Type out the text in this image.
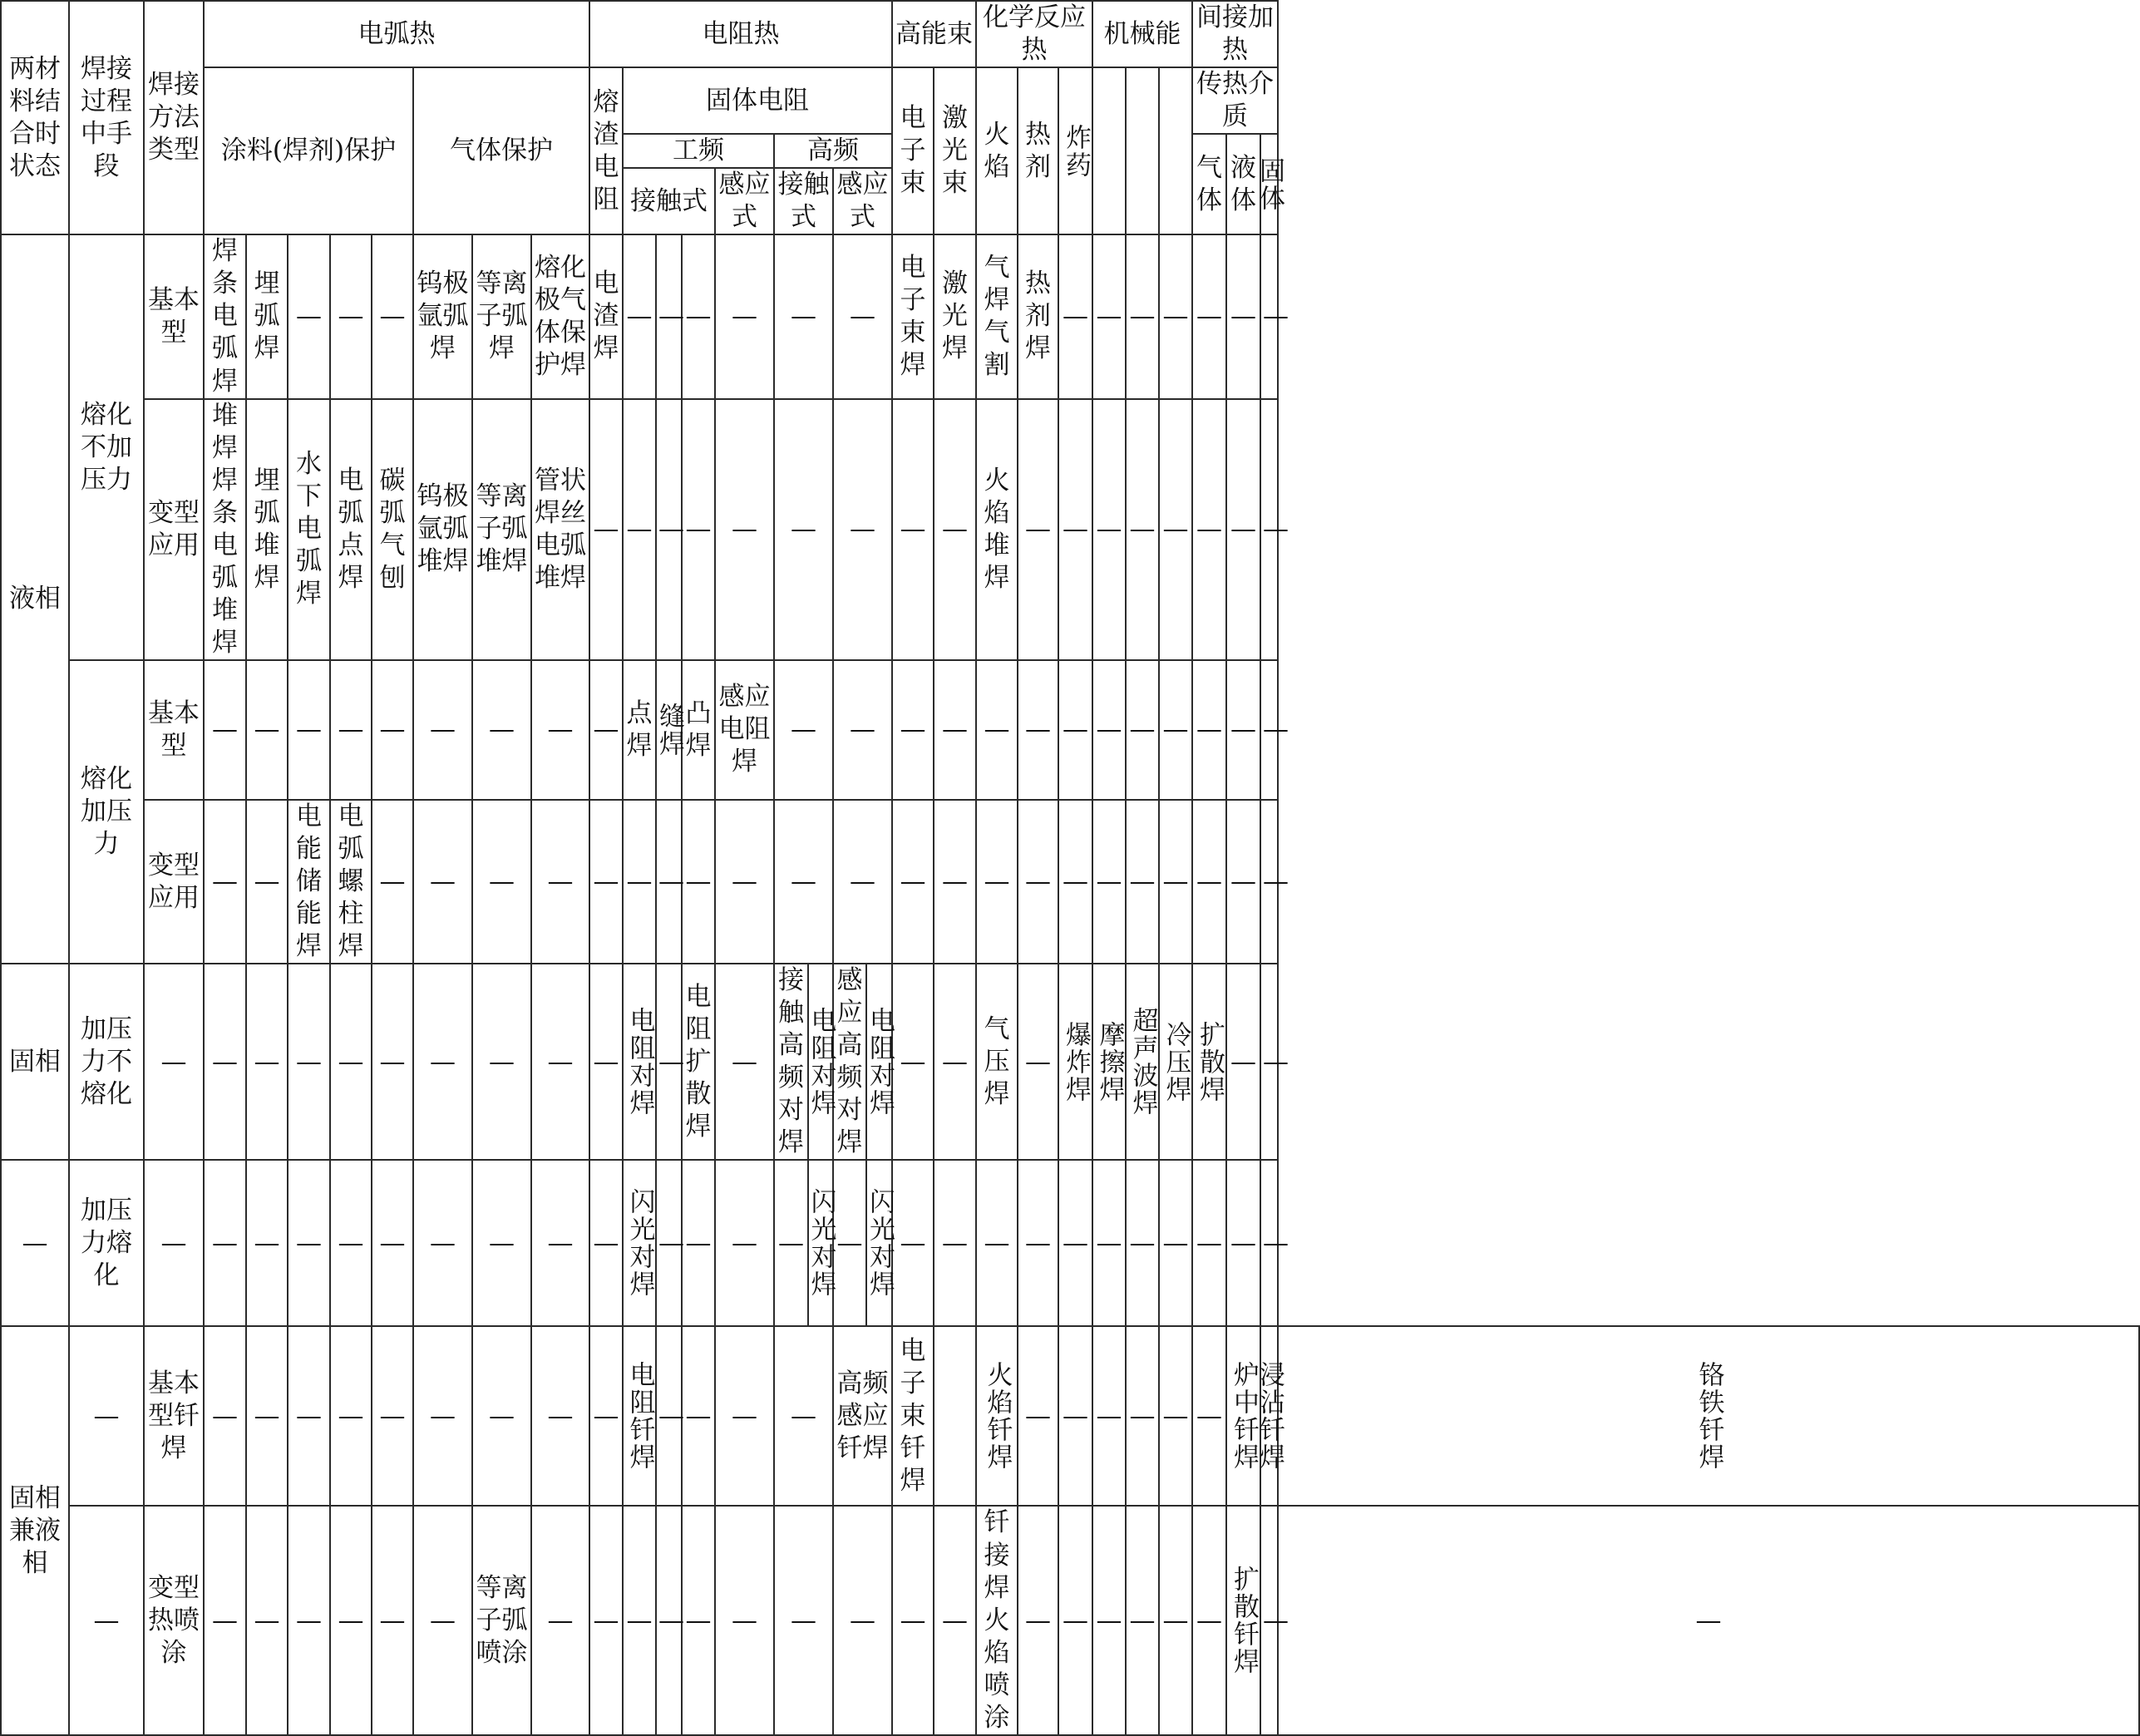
两材料结合时状态	焊接过程中手段	焊接方法类型	电弧热								电阻热									高能束		化学反应热			机械能			间接加热			
			涂料(焊剂)保护					气体保护			熔渣电阻	固体电阻								电子束	激光束	火焰	热剂	炸药				传热介质			
												工频				高频												气体	液体	固体	
												接触式			感应式	接触式		感应式													
液相	熔化不加压力	基本型	焊条电弧焊	埋弧焊	—	—	—	钨极氩弧焊	等离子弧焊	熔化极气体保护焊	电渣焊	—	—	—	—	—		—		电子束焊	激光焊	气焊气割	热剂焊	—	—	—	—	—	—	—	
		变型应用	堆焊焊条电弧堆焊	埋弧堆焊	水下电弧焊	电弧点焊	碳弧气刨	钨极氩弧堆焊	等离子弧堆焊	管状焊丝电弧堆焊	—	—	—	—	—	—		—		—	—	火焰堆焊	—	—	—	—	—	—	—	—	
	熔化加压力	基本型	—	—	—	—	—	—	—	—	—	点焊	缝焊	凸焊	感应电阻焊	—		—		—	—	—	—	—	—	—	—	—	—	—	
		变型应用	—	—	电能储能焊	电弧螺柱焊	—	—	—	—	—	—	—	—	—	—		—		—	—	—	—	—	—	—	—	—	—	—	
固相	加压力不熔化	—	—	—	—	—	—	—	—	—	—	电阻对焊	—	电阻扩散焊	—	接触高频对焊	电阻对焊	感应高频对焊	电阻对焊	—	—	气压焊	—	爆炸焊	摩擦焊	超声波焊	冷压焊	扩散焊	—	—	
—	加压力熔化	—	—	—	—	—	—	—	—	—	—	闪光对焊	—	—	—	—	闪光对焊	—	闪光对焊	—	—	—	—	—	—	—	—	—	—	—	
固相兼液相	—	基本型钎焊	—	—	—	—	—	—	—	—	—	电阻钎焊	—	—	—	—		高频感应钎焊		电子束钎焊		火焰钎焊	—	—	—	—	—	—	炉中钎焊	浸沾钎焊	铬铁钎焊
	—	变型热喷涂	—	—	—	—	—	—	等离子弧喷涂	—	—	—	—	—	—	—		—		—	—	钎接焊火焰喷涂	—	—	—	—	—	—	扩散钎焊	—	—
